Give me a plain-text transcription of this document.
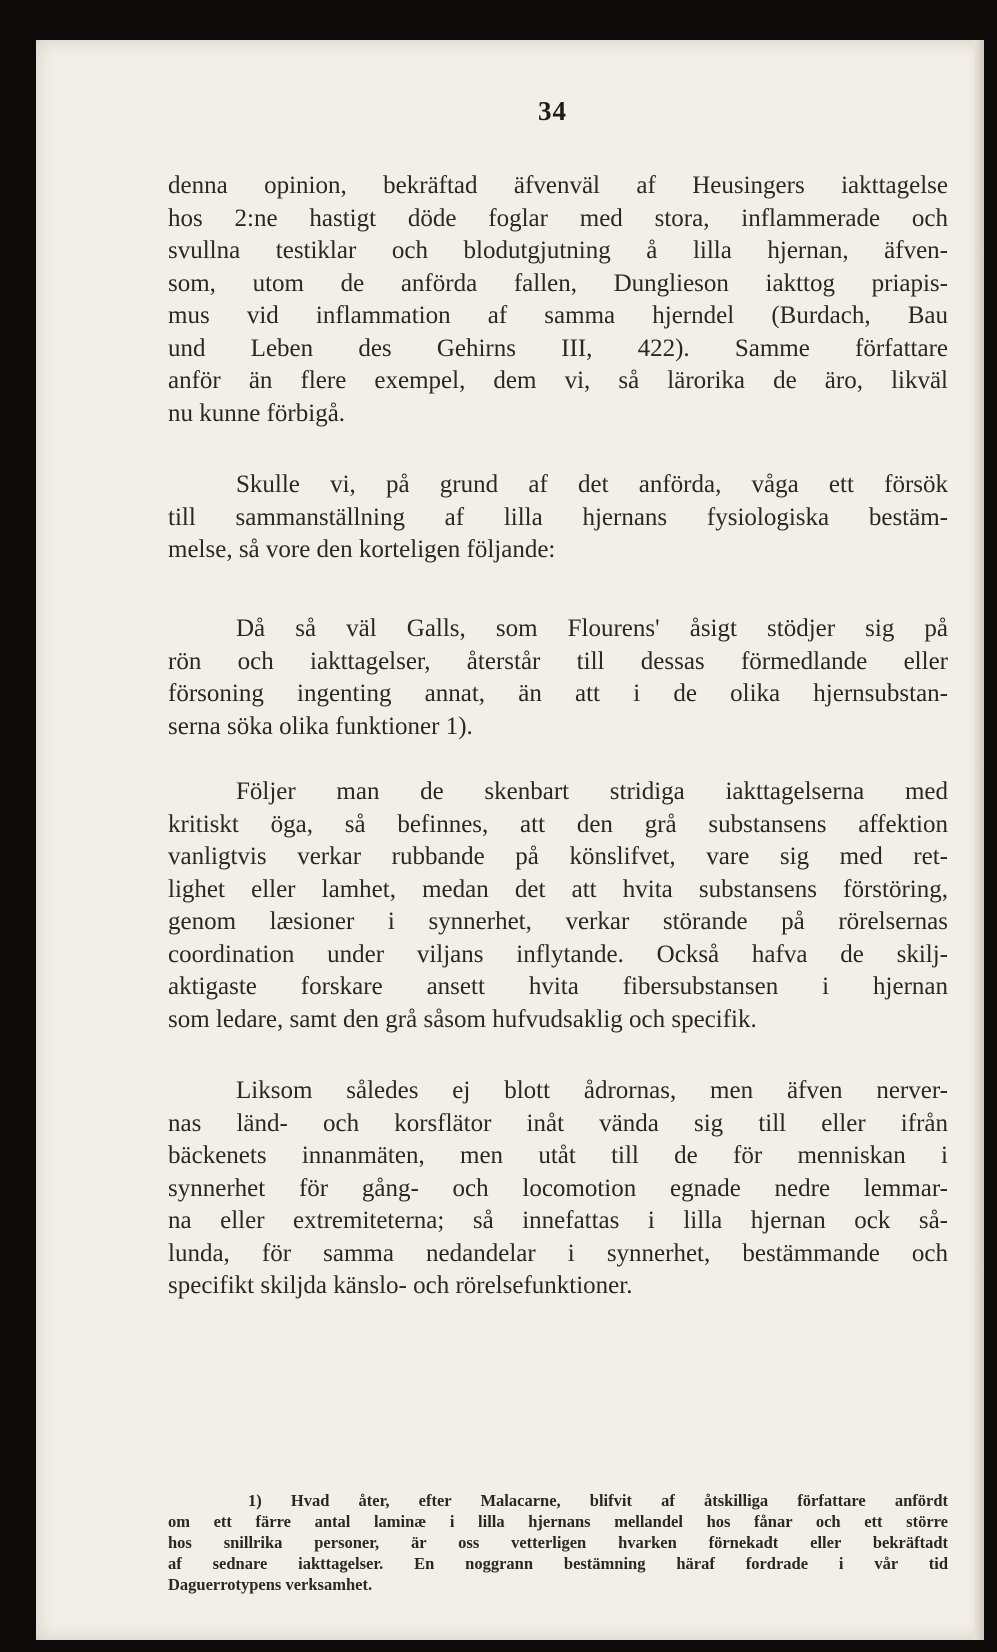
34
denna opinion, bekräftad äfvenväl af Heusingers iakttagelse
hos 2:ne hastigt döde foglar med stora, inflammerade och
svullna testiklar och blodutgjutning å lilla hjernan, äfven-
som, utom de anförda fallen, Dunglieson iakttog priapis-
mus vid inflammation af samma hjerndel (Burdach, Bau
und Leben des Gehirns III, 422). Samme författare
anför än flere exempel, dem vi, så lärorika de äro, likväl
nu kunne förbigå.
Skulle vi, på grund af det anförda, våga ett försök
till sammanställning af lilla hjernans fysiologiska bestäm-
melse, så vore den korteligen följande:
Då så väl Galls, som Flourens' åsigt stödjer sig på
rön och iakttagelser, återstår till dessas förmedlande eller
försoning ingenting annat, än att i de olika hjernsubstan-
serna söka olika funktioner 1).
Följer man de skenbart stridiga iakttagelserna med
kritiskt öga, så befinnes, att den grå substansens affektion
vanligtvis verkar rubbande på könslifvet, vare sig med ret-
lighet eller lamhet, medan det att hvita substansens förstöring,
genom læsioner i synnerhet, verkar störande på rörelsernas
coordination under viljans inflytande. Också hafva de skilj-
aktigaste forskare ansett hvita fibersubstansen i hjernan
som ledare, samt den grå såsom hufvudsaklig och specifik.
Liksom således ej blott ådrornas, men äfven nerver-
nas länd- och korsflätor inåt vända sig till eller ifrån
bäckenets innanmäten, men utåt till de för menniskan i
synnerhet för gång- och locomotion egnade nedre lemmar-
na eller extremiteterna; så innefattas i lilla hjernan ock så-
lunda, för samma nedandelar i synnerhet, bestämmande och
specifikt skiljda känslo- och rörelsefunktioner.
1) Hvad åter, efter Malacarne, blifvit af åtskilliga författare anfördt
om ett färre antal laminæ i lilla hjernans mellandel hos fånar och ett större
hos snillrika personer, är oss vetterligen hvarken förnekadt eller bekräftadt
af sednare iakttagelser. En noggrann bestämning häraf fordrade i vår tid
Daguerrotypens verksamhet.
